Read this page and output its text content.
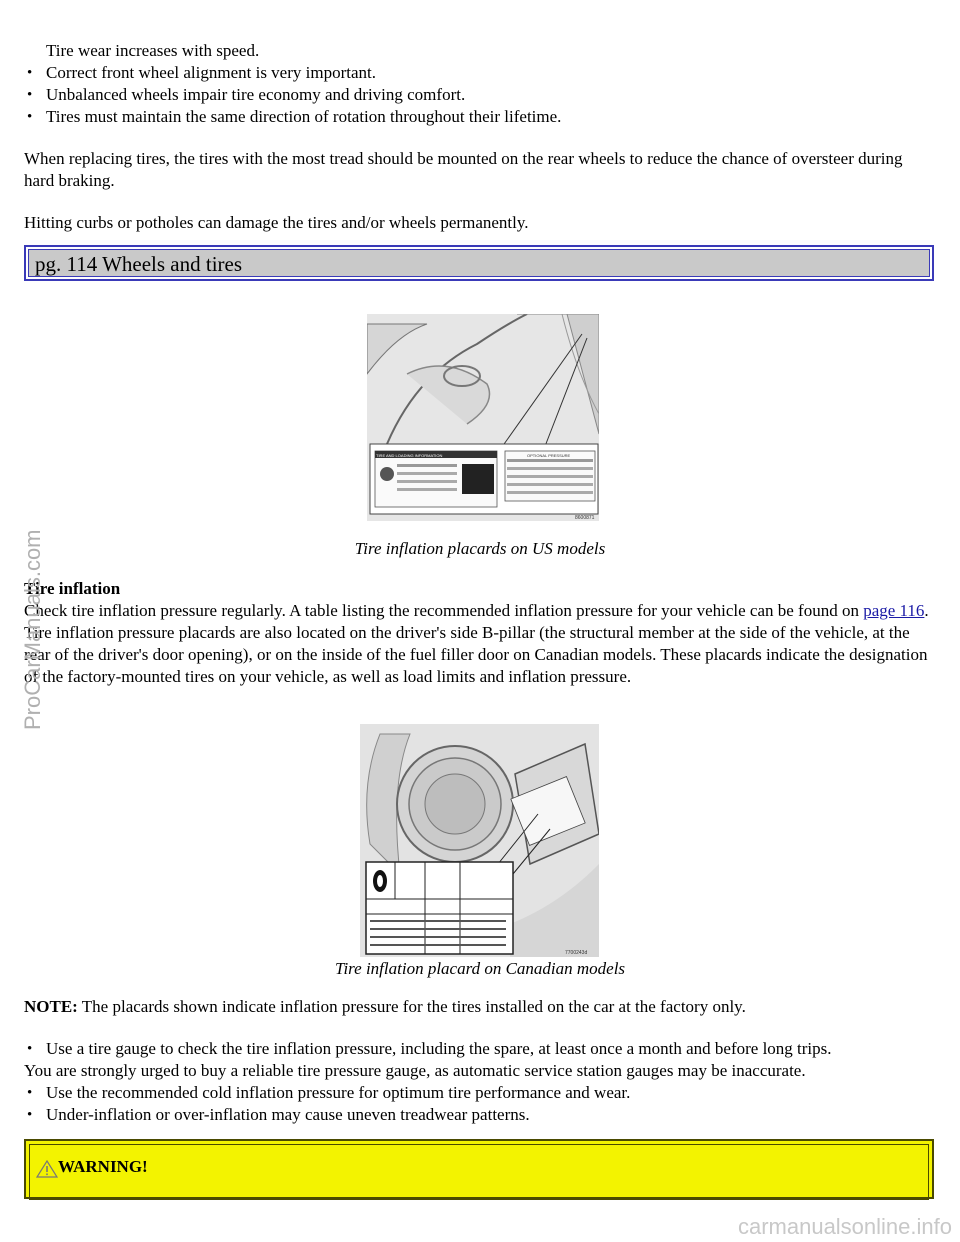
Tire wear increases with speed.
• Correct front wheel alignment is very important.
• Unbalanced wheels impair tire economy and driving comfort.
• Tires must maintain the same direction of rotation throughout their lifetime.

When replacing tires, the tires with the most tread should be mounted on the rear wheels to reduce the chance of oversteer during hard braking.

Hitting curbs or potholes can damage the tires and/or wheels permanently.

pg. 114 Wheels and tires
TIRE AND LOADING INFORMATION	OPTIONAL PRESSURE
8600871
Tire inflation placards on US models

Tire inflation

Check tire inflation pressure regularly. A table listing the recommended inflation pressure for your vehicle can be found on page 116. Tire inflation pressure placards are also located on the driver's side B-pillar (the structural member at the side of the vehicle, at the rear of the driver's door opening), or on the inside of the fuel filler door on Canadian models. These placards indicate the designation of the factory-mounted tires on your vehicle, as well as load limits and inflation pressure.

7700243d
Tire inflation placard on Canadian models

NOTE: The placards shown indicate inflation pressure for the tires installed on the car at the factory only.

• Use a tire gauge to check the tire inflation pressure, including the spare, at least once a month and before long trips.
You are strongly urged to buy a reliable tire pressure gauge, as automatic service station gauges may be inaccurate.
• Use the recommended cold inflation pressure for optimum tire performance and wear.
• Under-inflation or over-inflation may cause uneven treadwear patterns.
WARNING!
ProCarManuals.com
carmanualsonline.info
